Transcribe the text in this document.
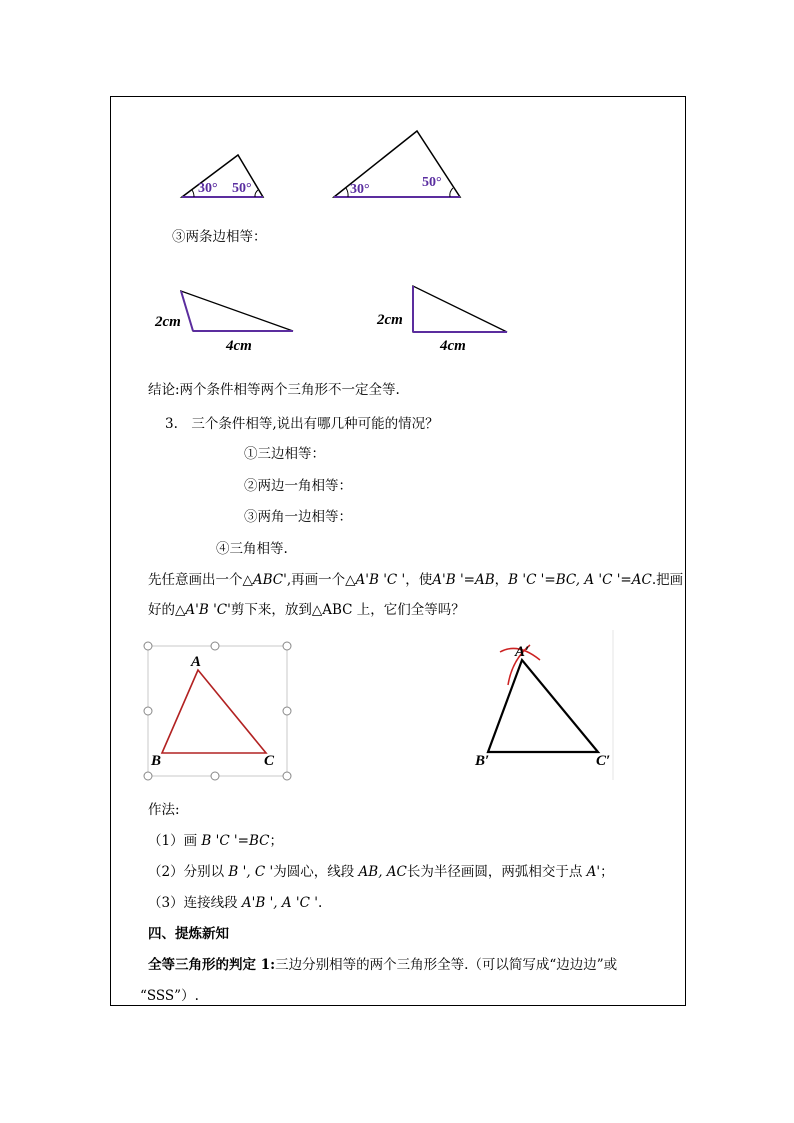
30° 50°	30°	50°
③两条边相等：
2cm
4cm
2cm
4cm
结论:两个条件相等两个三角形不一定全等.
3.　三个条件相等,说出有哪几种可能的情况？
①三边相等：
②两边一角相等：
③两角一边相等：
④三角相等.
先任意画出一个△ABC',再画一个△A'B 'C '，使A'B '=AB，B 'C '=BC, A 'C '=AC.把画
好的△A'B 'C'剪下来，放到△ABC 上，它们全等吗？
A
B	C
A′
B′	C′
作法:
（1）画 B 'C '=BC；
（2）分别以 B ', C '为圆心，线段 AB, AC长为半径画圆，两弧相交于点 A'；
（3）连接线段 A'B ', A 'C '.
四、提炼新知
全等三角形的判定 1:三边分别相等的两个三角形全等.（可以简写成“边边边”或
“SSS”）.
